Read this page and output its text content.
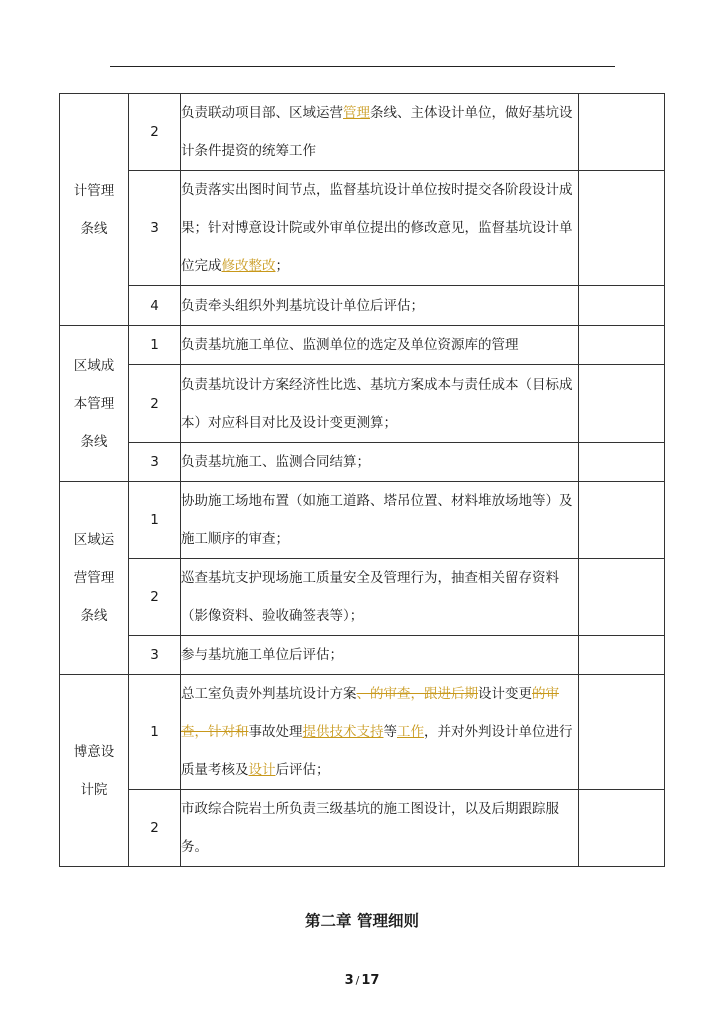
计管理条线	2	负责联动项目部、区域运营管理条线、主体设计单位，做好基坑设计条件提资的统筹工作	
	3	负责落实出图时间节点，监督基坑设计单位按时提交各阶段设计成果；针对博意设计院或外审单位提出的修改意见，监督基坑设计单位完成修改整改；	
	4	负责牵头组织外判基坑设计单位后评估；	
区域成本管理条线	1	负责基坑施工单位、监测单位的选定及单位资源库的管理	
	2	负责基坑设计方案经济性比选、基坑方案成本与责任成本（目标成本）对应科目对比及设计变更测算；	
	3	负责基坑施工、监测合同结算；	
区域运营管理条线	1	协助施工场地布置（如施工道路、塔吊位置、材料堆放场地等）及施工顺序的审查；	
	2	巡查基坑支护现场施工质量安全及管理行为，抽查相关留存资料（影像资料、验收确签表等）；	
	3	参与基坑施工单位后评估；	
博意设计院	1	总工室负责外判基坑设计方案、的审查，跟进后期设计变更的审查，针对和事故处理提供技术支持等工作，并对外判设计单位进行质量考核及设计后评估；	
	2	市政综合院岩土所负责三级基坑的施工图设计，以及后期跟踪服务。	
第二章 管理细则
3 / 17
